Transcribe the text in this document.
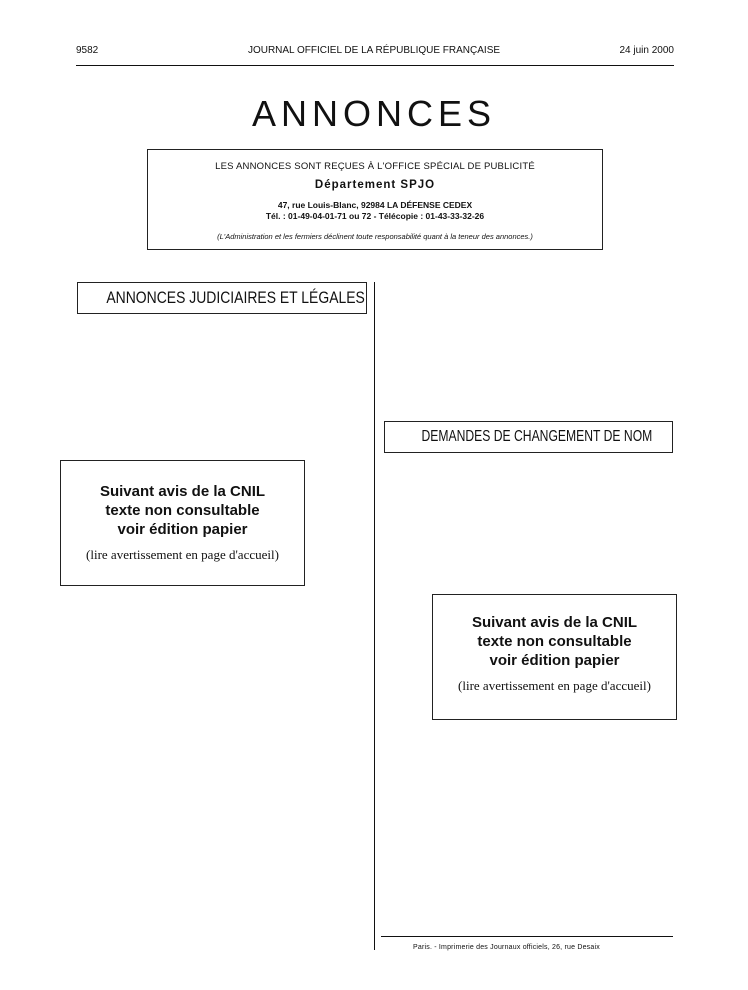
9582	JOURNAL OFFICIEL DE LA RÉPUBLIQUE FRANÇAISE	24 juin 2000
ANNONCES
LES ANNONCES SONT REÇUES À L'OFFICE SPÉCIAL DE PUBLICITÉ
Département SPJO
47, rue Louis-Blanc, 92984 LA DÉFENSE CEDEX
Tél. : 01-49-04-01-71 ou 72 - Télécopie : 01-43-33-32-26
(L'Administration et les fermiers déclinent toute responsabilité quant à la teneur des annonces.)
ANNONCES JUDICIAIRES ET LÉGALES
DEMANDES DE CHANGEMENT DE NOM
Suivant avis de la CNIL
texte non consultable
voir édition papier
(lire avertissement en page d'accueil)
Suivant avis de la CNIL
texte non consultable
voir édition papier
(lire avertissement en page d'accueil)
Paris. - Imprimerie des Journaux officiels, 26, rue Desaix
